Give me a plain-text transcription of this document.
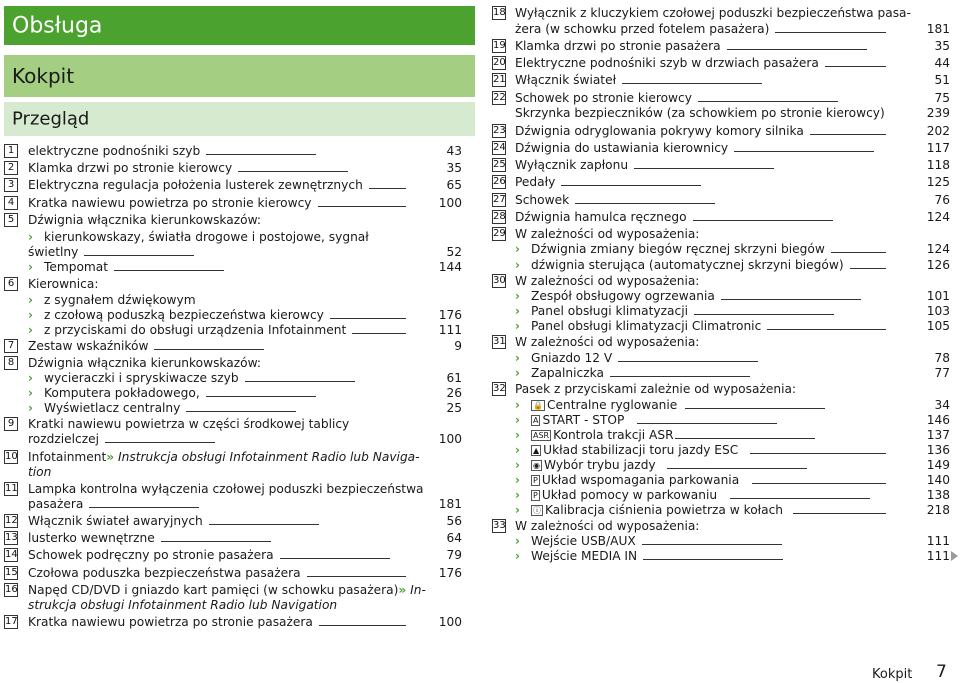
Obsługa
Kokpit
Przegląd
1	elektryczne podnośniki szyb	43
2	Klamka drzwi po stronie kierowcy	35
3	Elektryczna regulacja położenia lusterek zewnętrznych	65
4	Kratka nawiewu powietrza po stronie kierowcy	100
5	Dźwignia włącznika kierunkowskazów:
› kierunkowskazy, światła drogowe i postojowe, sygnał
świetlny	52
› Tempomat	144
6	Kierownica:
› z sygnałem dźwiękowym
› z czołową poduszką bezpieczeństwa kierowcy	176
› z przyciskami do obsługi urządzenia Infotainment	111
7	Zestaw wskaźników	9
8	Dźwignia włącznika kierunkowskazów:
› wycieraczki i spryskiwacze szyb	61
› Komputera pokładowego,	26
› Wyświetlacz centralny	25
9	Kratki nawiewu powietrza w części środkowej tablicy
rozdzielczej	100
10 Infotainment» Instrukcja obsługi Infotainment Radio lub Naviga-
tion
11 Lampka kontrolna wyłączenia czołowej poduszki bezpieczeństwa
pasażera	181
12 Włącznik świateł awaryjnych	56
13 lusterko wewnętrzne	64
14 Schowek podręczny po stronie pasażera	79
15 Czołowa poduszka bezpieczeństwa pasażera	176
16 Napęd CD/DVD i gniazdo kart pamięci (w schowku pasażera)» In-
strukcja obsługi Infotainment Radio lub Navigation
17 Kratka nawiewu powietrza po stronie pasażera	100
18 Wyłącznik z kluczykiem czołowej poduszki bezpieczeństwa pasa-
żera (w schowku przed fotelem pasażera)	181
19 Klamka drzwi po stronie pasażera	35
20 Elektryczne podnośniki szyb w drzwiach pasażera	44
21 Włącznik świateł	51
22 Schowek po stronie kierowcy	75
Skrzynka bezpieczników (za schowkiem po stronie kierowcy)	239
23 Dźwignia odryglowania pokrywy komory silnika	202
24 Dźwignia do ustawiania kierownicy	117
25 Wyłącznik zapłonu	118
26 Pedały	125
27 Schowek	76
28 Dźwignia hamulca ręcznego	124
29 W zależności od wyposażenia:
› Dźwignia zmiany biegów ręcznej skrzyni biegów	124
› dźwignia sterująca (automatycznej skrzyni biegów)	126
30 W zależności od wyposażenia:
› Zespół obsługowy ogrzewania	101
› Panel obsługi klimatyzacji	103
› Panel obsługi klimatyzacji Climatronic	105
31 W zależności od wyposażenia:
› Gniazdo 12 V	78
› Zapalniczka	77
32 Pasek z przyciskami zależnie od wyposażenia:
› 🔒 Centralne ryglowanie	34
› A START - STOP	146
› ASR Kontrola trakcji ASR	137
› ▲ Układ stabilizacji toru jazdy ESC	136
› ◉ Wybór trybu jazdy	149
› P Układ wspomagania parkowania	140
› P Układ pomocy w parkowaniu	138
› ⓘ Kalibracja ciśnienia powietrza w kołach	218
33 W zależności od wyposażenia:
› Wejście USB/AUX	111
› Wejście MEDIA IN	111
Kokpit 7
